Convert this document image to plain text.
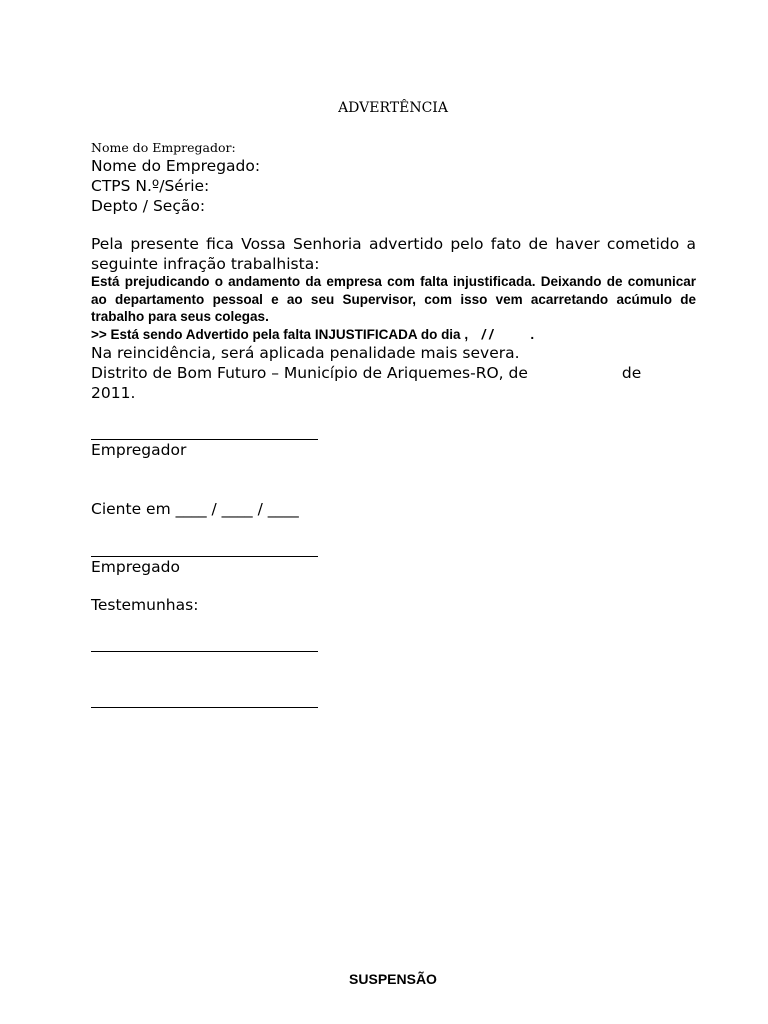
ADVERTÊNCIA
Nome do Empregador:
Nome do Empregado:
CTPS N.º/Série:
Depto / Seção:
Pela presente fica Vossa Senhoria advertido pelo fato de haver cometido a seguinte infração trabalhista:
Está prejudicando o andamento da empresa com falta injustificada. Deixando de comunicar ao departamento pessoal e ao seu Supervisor, com isso vem acarretando acúmulo de trabalho para seus colegas.
>> Está sendo Advertido pela falta INJUSTIFICADA do dia , / /	.
Na reincidência, será aplicada penalidade mais severa.
Distrito de Bom Futuro – Município de Ariquemes-RO, de	de
2011.
Empregador
Ciente em ____ / ____ / ____
Empregado
Testemunhas:
SUSPENSÃO
